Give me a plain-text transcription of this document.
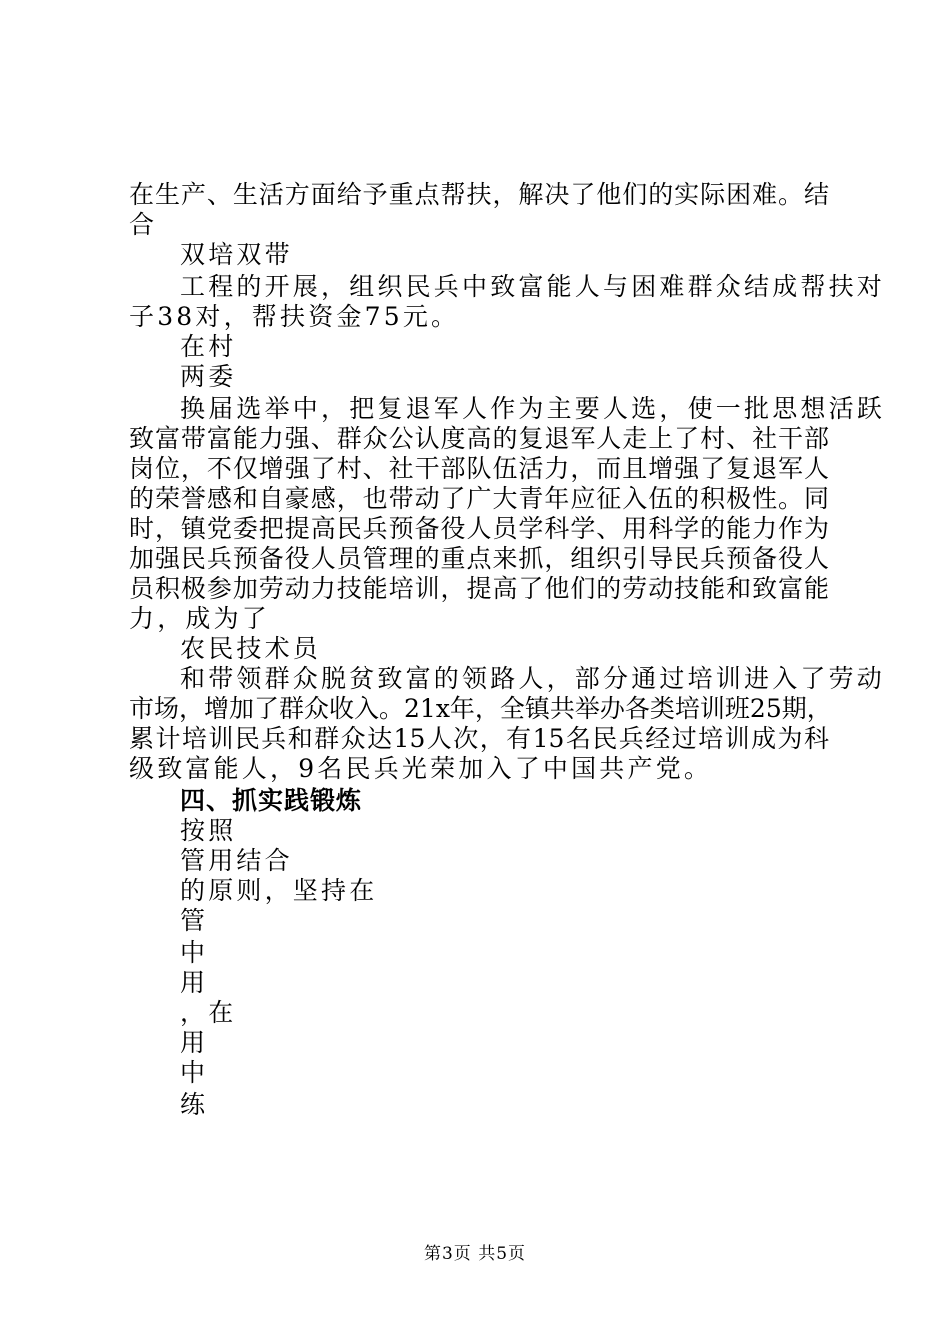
在生产、生活方面给予重点帮扶，解决了他们的实际困难。结
合
双培双带
工程的开展，组织民兵中致富能人与困难群众结成帮扶对
子38对，帮扶资金75元。
在村
两委
换届选举中，把复退军人作为主要人选，使一批思想活跃
致富带富能力强、群众公认度高的复退军人走上了村、社干部
岗位，不仅增强了村、社干部队伍活力，而且增强了复退军人
的荣誉感和自豪感，也带动了广大青年应征入伍的积极性。同
时，镇党委把提高民兵预备役人员学科学、用科学的能力作为
加强民兵预备役人员管理的重点来抓，组织引导民兵预备役人
员积极参加劳动力技能培训，提高了他们的劳动技能和致富能
力，成为了
农民技术员
和带领群众脱贫致富的领路人，部分通过培训进入了劳动
市场，增加了群众收入。21x年，全镇共举办各类培训班25期，
累计培训民兵和群众达15人次，有15名民兵经过培训成为科
级致富能人，9名民兵光荣加入了中国共产党。
四、抓实践锻炼
按照
管用结合
的原则，坚持在
管
中
用
，在
用
中
练
第3页 共5页
